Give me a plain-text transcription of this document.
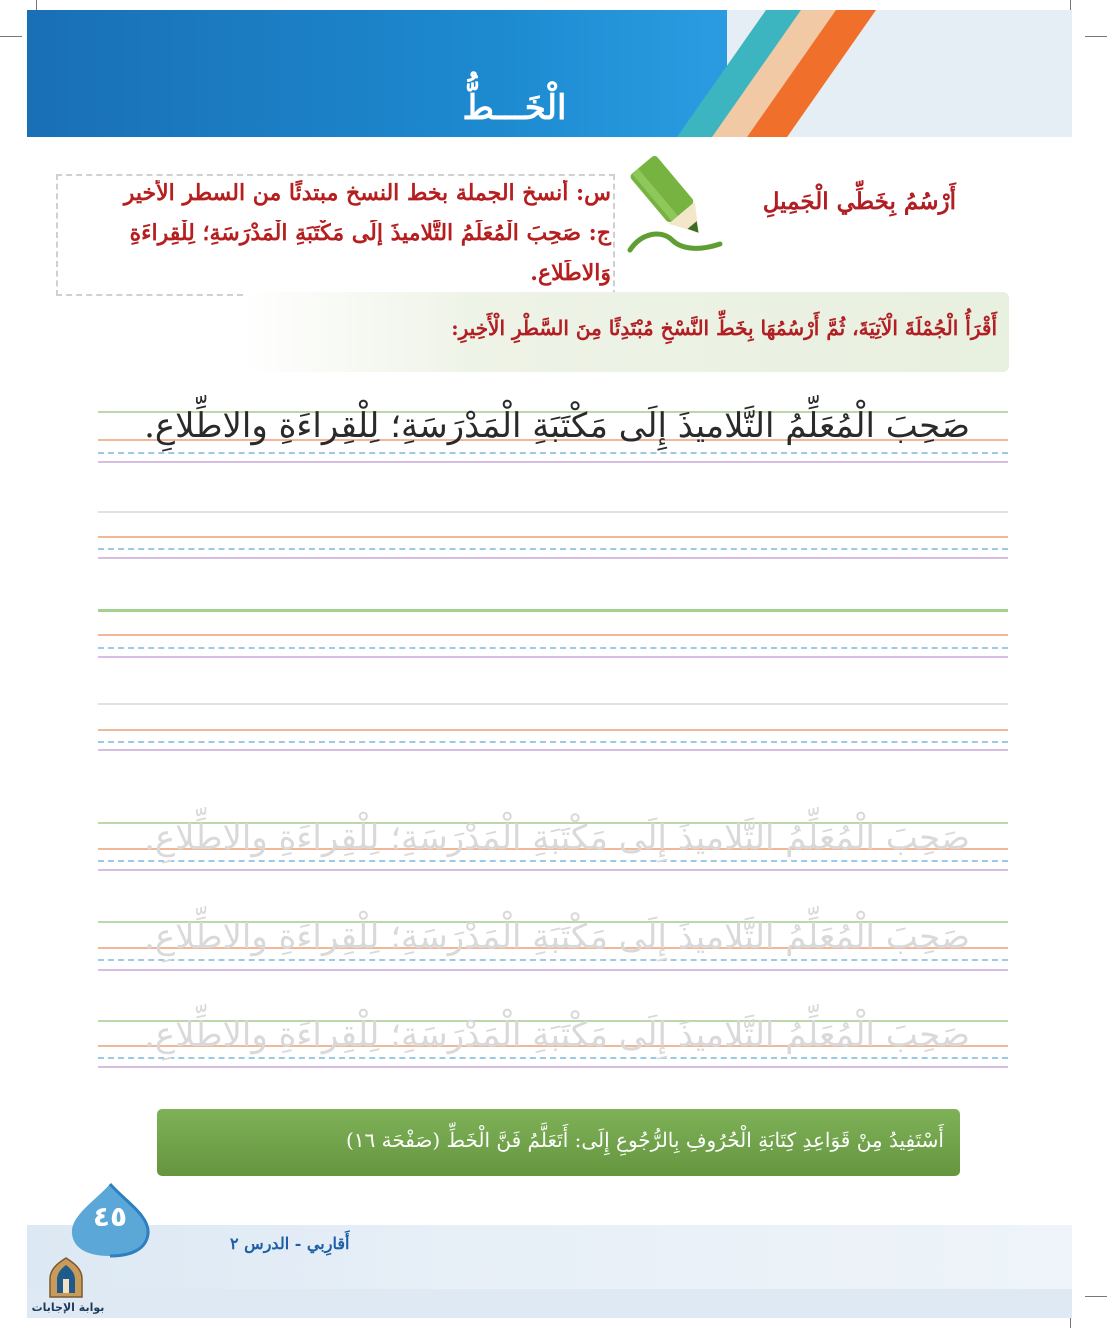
الْخَـــطُّ
س: أنسخ الجملة بخط النسخ مبتدئًا من السطر الأخير
ج: صَحِبَ الْمُعَلِّمُ التَّلاميذَ إِلَى مَكْتَبَةِ الْمَدْرَسَةِ؛ لِلْقِراءَةِ
وَالاطِّلاعِ.
أَرْسُمُ بِخَطِّي الْجَمِيلِ
أَقْرَأُ الْجُمْلَةَ الْآتِيَةَ، ثُمَّ أَرْسُمُهَا بِخَطِّ النَّسْخِ مُبْتَدِئًا مِنَ السَّطْرِ الْأَخِيرِ:
صَحِبَ الْمُعَلِّمُ التَّلاميذَ إِلَى مَكْتَبَةِ الْمَدْرَسَةِ؛ لِلْقِراءَةِ والاطِّلاعِ.
صَحِبَ الْمُعَلِّمُ التَّلاميذَ إِلَى مَكْتَبَةِ الْمَدْرَسَةِ؛ لِلْقِراءَةِ والاطِّلاعِ.
صَحِبَ الْمُعَلِّمُ التَّلاميذَ إِلَى مَكْتَبَةِ الْمَدْرَسَةِ؛ لِلْقِراءَةِ والاطِّلاعِ.
صَحِبَ الْمُعَلِّمُ التَّلاميذَ إِلَى مَكْتَبَةِ الْمَدْرَسَةِ؛ لِلْقِراءَةِ والاطِّلاعِ.
أَسْتَفِيدُ مِنْ قَوَاعِدِ كِتَابَةِ الْحُرُوفِ بِالرُّجُوعِ إِلَى: أَتَعَلَّمُ فَنَّ الْخَطِّ (صَفْحَة ١٦)
٤٥
أَقارِبي - الدرس ٢
بوابة الإجابات
